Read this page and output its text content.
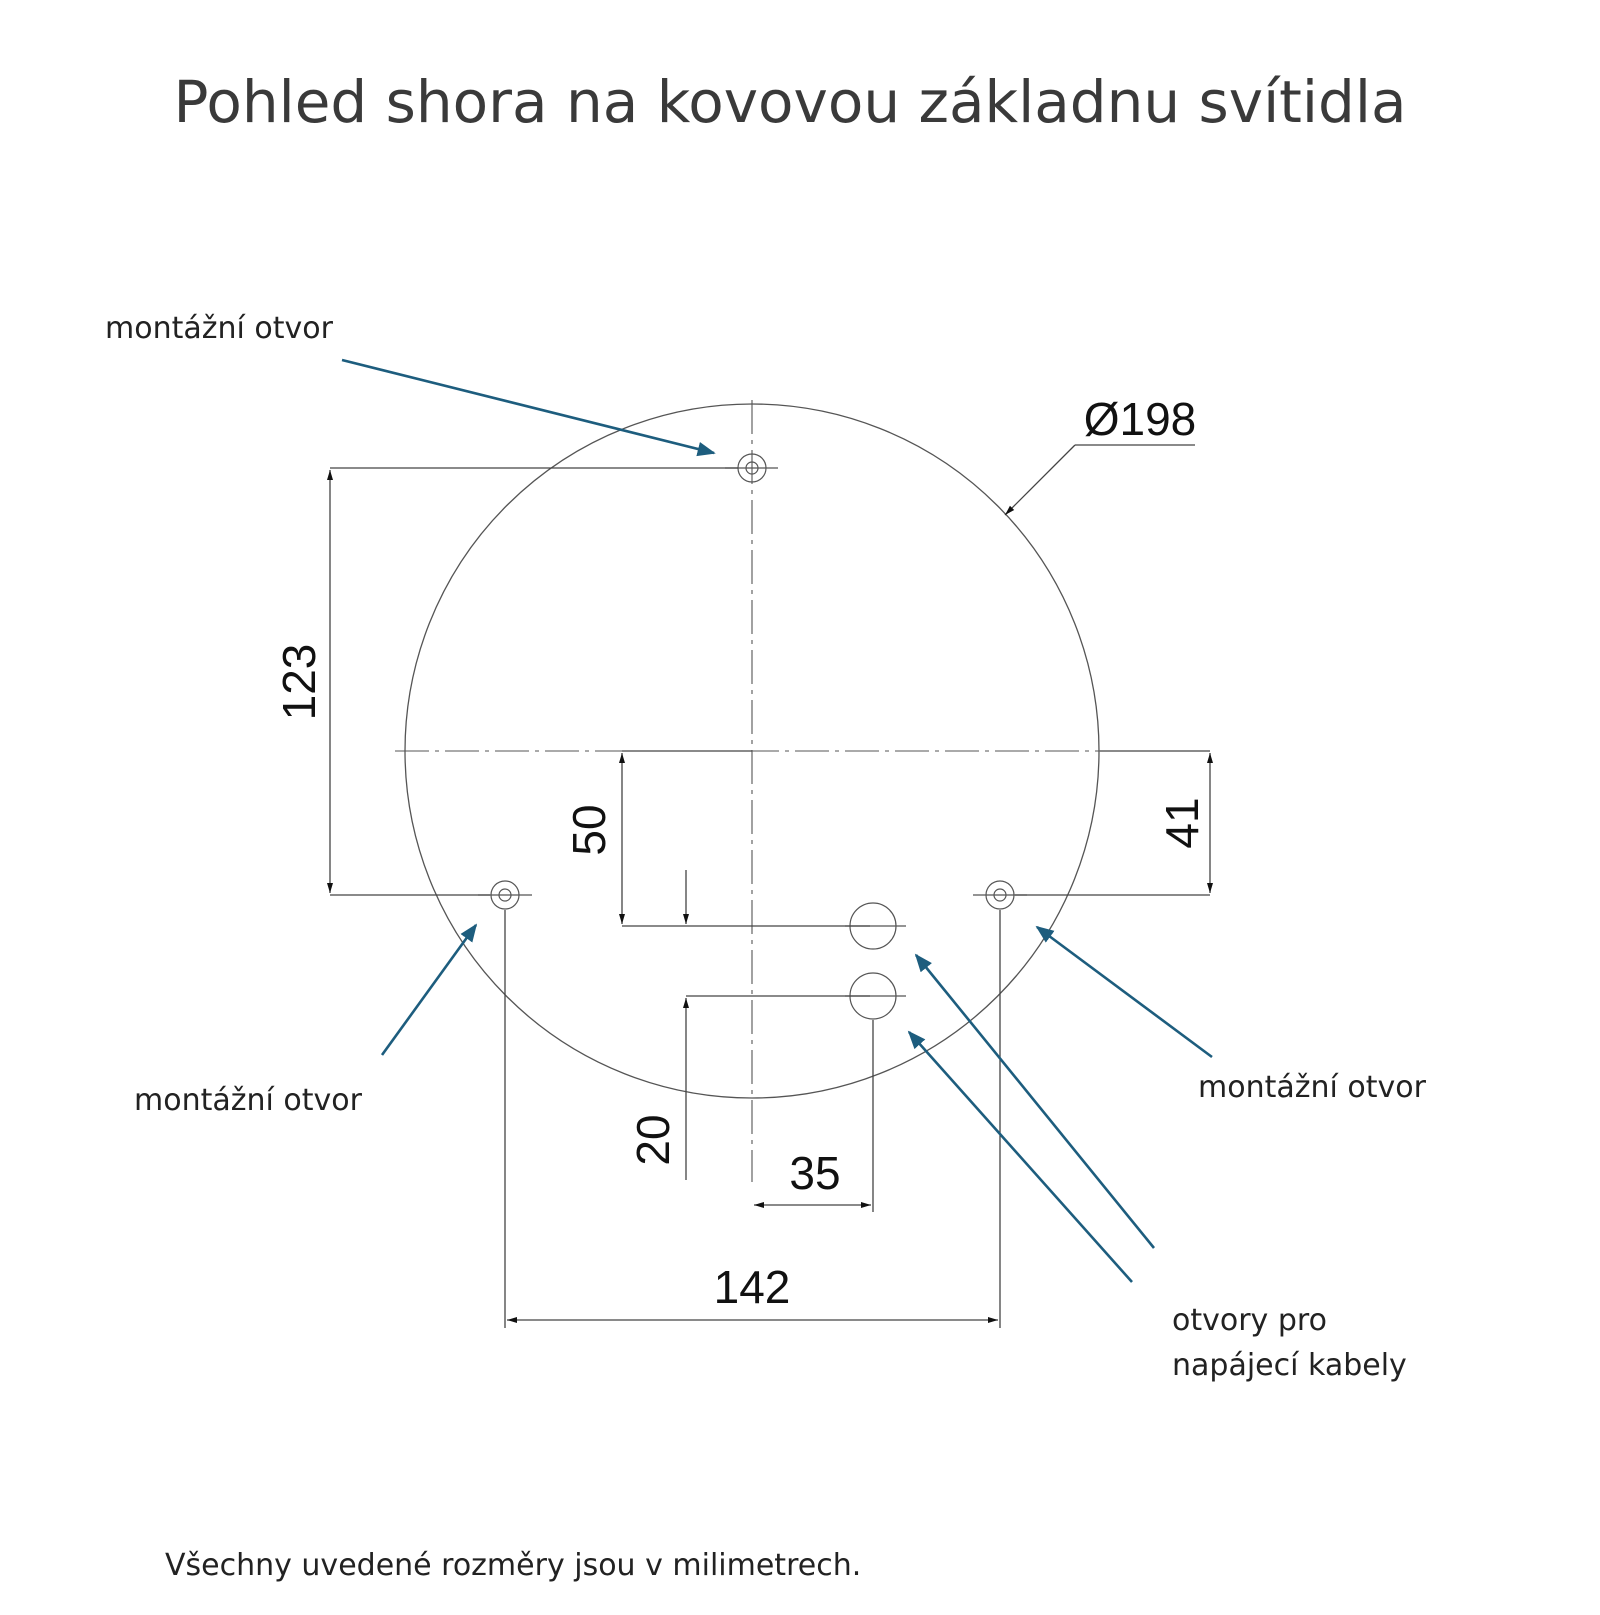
Pohled shora na kovovou základnu svítidla
123
50	41
20
35
142
Ø198
montážní otvor
montážní otvor	montážní otvor
otvory pro
napájecí kabely
Všechny uvedené rozměry jsou v milimetrech.
